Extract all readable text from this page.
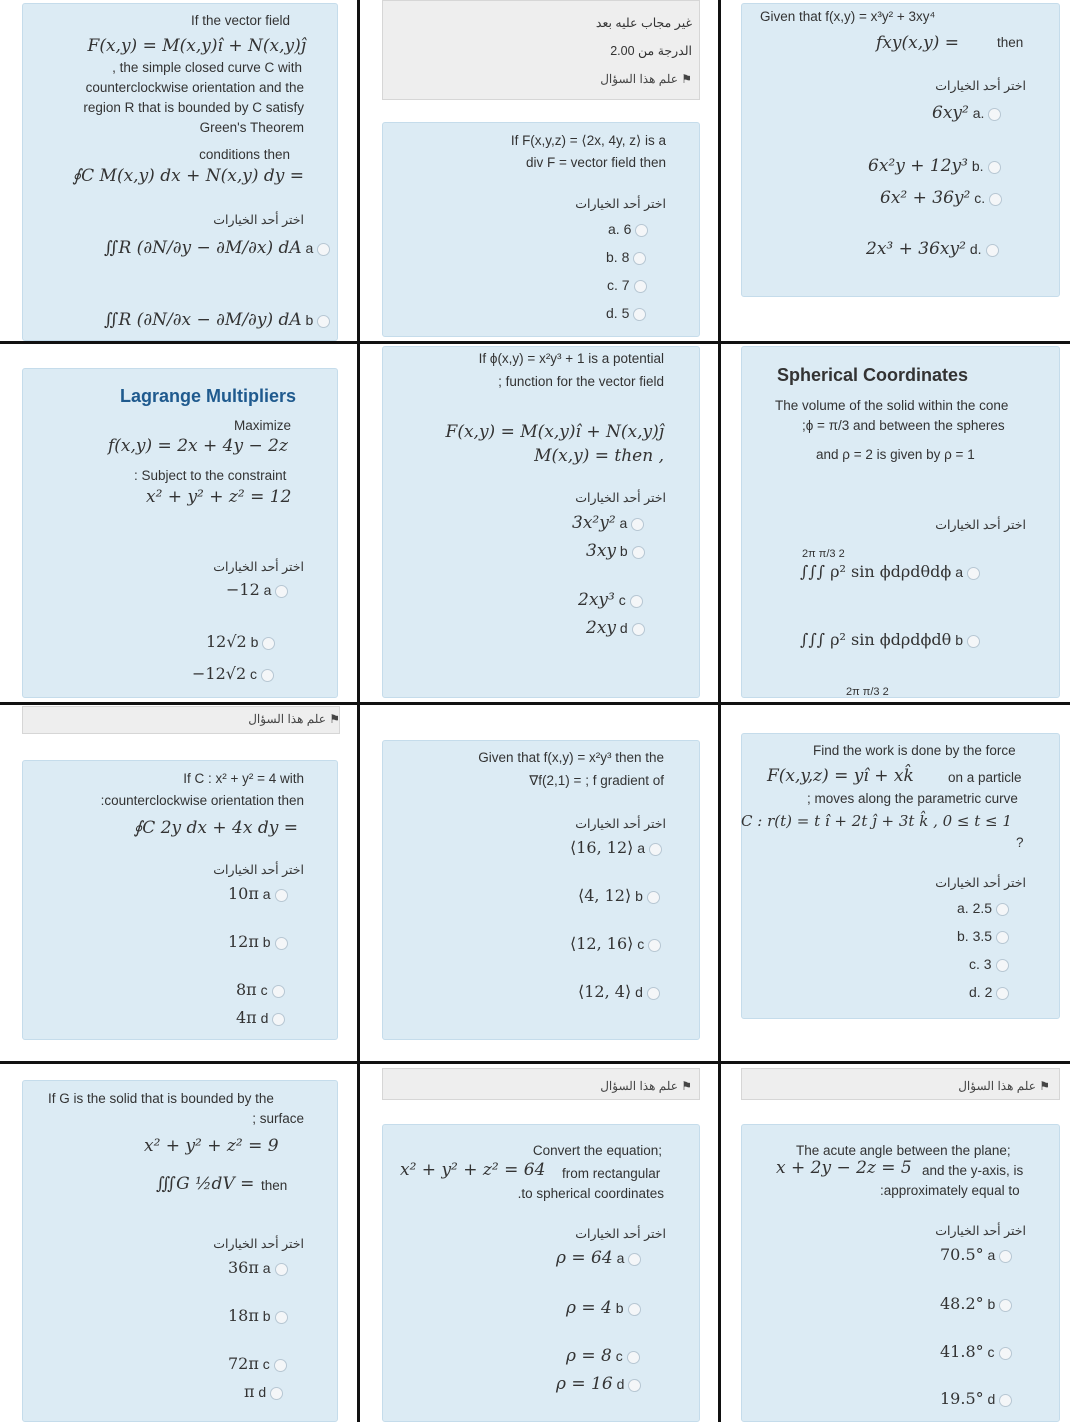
If the vector field
F(x,y) = M(x,y)î + N(x,y)ĵ
, the simple closed curve C with
counterclockwise orientation and the
region R that is bounded by C satisfy
Green's Theorem
conditions then
∮C M(x,y) dx + N(x,y) dy =
اختر أحد الخيارات
∬R (∂N/∂y − ∂M/∂x) dA a
∬R (∂N/∂x − ∂M/∂y) dA b
غير مجاب عليه بعد
الدرجة من 2.00
علم هذا السؤال ⚑
If F(x,y,z) = ⟨2x, 4y, z⟩ is a
div F = vector field then
اختر أحد الخيارات
a. 6
b. 8
c. 7
d. 5
Given that f(x,y) = x³y² + 3xy⁴
fxy(x,y) =	then
اختر أحد الخيارات
6xy² a.
6x²y + 12y³ b.
6x² + 36y² c.
2x³ + 36xy² d.
Lagrange Multipliers
Maximize
f(x,y) = 2x + 4y − 2z
: Subject to the constraint
x² + y² + z² = 12
اختر أحد الخيارات
−12 a
12√2 b
−12√2 c
If ϕ(x,y) = x²y³ + 1 is a potential
; function for the vector field
F(x,y) = M(x,y)î + N(x,y)ĵ
M(x,y) = then ,
اختر أحد الخيارات
3x²y² a
3xy b
2xy³ c
2xy d
Spherical Coordinates
The volume of the solid within the cone
;ϕ = π/3 and between the spheres
and ρ = 2 is given by ρ = 1
اختر أحد الخيارات
2π π/3 2
∫∫∫ ρ² sin ϕdρdθdϕ a
∫∫∫ ρ² sin ϕdρdϕdθ b
2π π/3 2
علم هذا السؤال ⚑
If C : x² + y² = 4 with
:counterclockwise orientation then
∮C 2y dx + 4x dy =
اختر أحد الخيارات
10π a
12π b
8π c
4π d
Given that f(x,y) = x²y³ then the
∇f(2,1) = ; f gradient of
اختر أحد الخيارات
⟨16, 12⟩ a
⟨4, 12⟩ b
⟨12, 16⟩ c
⟨12, 4⟩ d
Find the work is done by the force
F(x,y,z) = yî + xk̂	on a particle
; moves along the parametric curve
C : r(t) = t î + 2t ĵ + 3t k̂ , 0 ≤ t ≤ 1
?
اختر أحد الخيارات
a. 2.5
b. 3.5
c. 3
d. 2
If G is the solid that is bounded by the
; surface
x² + y² + z² = 9
∭G ½dV = then
اختر أحد الخيارات
36π a
18π b
72π c
π d
علم هذا السؤال ⚑
Convert the equation;
x² + y² + z² = 64 from rectangular
.to spherical coordinates
اختر أحد الخيارات
ρ = 64 a
ρ = 4 b
ρ = 8 c
ρ = 16 d
علم هذا السؤال ⚑
The acute angle between the plane;
x + 2y − 2z = 5 and the y-axis, is
:approximately equal to
اختر أحد الخيارات
70.5° a
48.2° b
41.8° c
19.5° d
